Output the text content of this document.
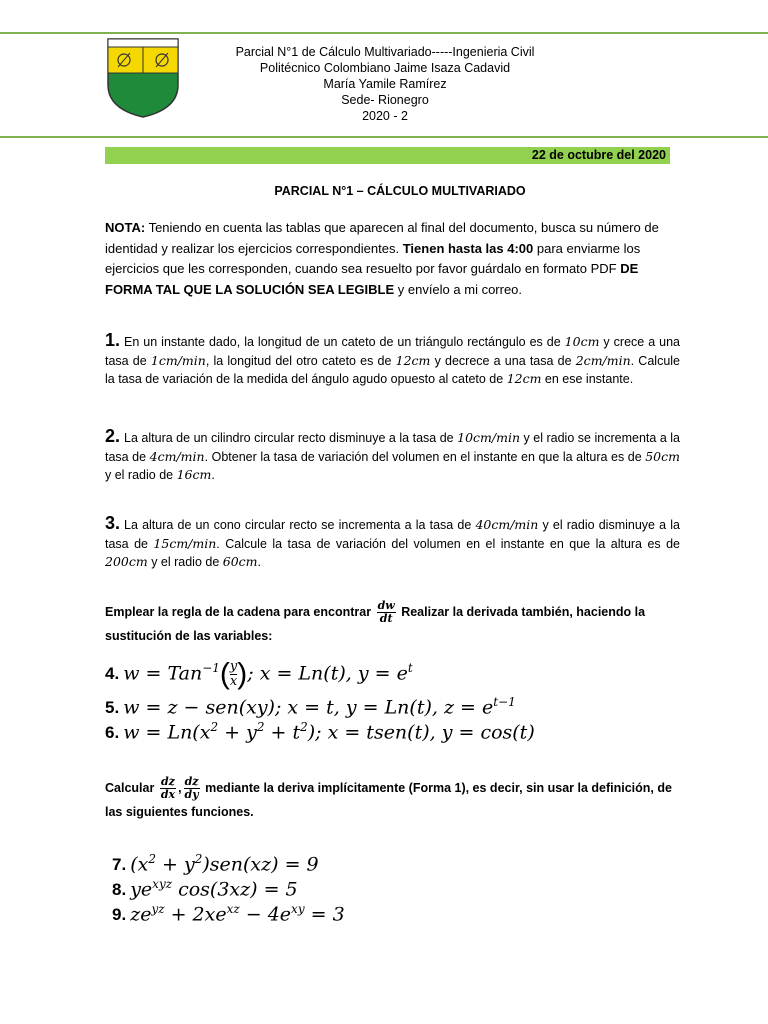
Parcial N°1 de Cálculo Multivariado-----Ingenieria Civil
Politécnico Colombiano Jaime Isaza Cadavid
María Yamile Ramírez
Sede- Rionegro
2020 - 2
22 de octubre del 2020
PARCIAL N°1 – CÁLCULO MULTIVARIADO
NOTA: Teniendo en cuenta las tablas que aparecen al final del documento, busca su número de identidad y realizar los ejercicios correspondientes. Tienen hasta las 4:00 para enviarme los ejercicios que les corresponden, cuando sea resuelto por favor guárdalo en formato PDF DE FORMA TAL QUE LA SOLUCIÓN SEA LEGIBLE y envíelo a mi correo.
1. En un instante dado, la longitud de un cateto de un triángulo rectángulo es de 10cm y crece a una tasa de 1cm/min, la longitud del otro cateto es de 12cm y decrece a una tasa de 2cm/min. Calcule la tasa de variación de la medida del ángulo agudo opuesto al cateto de 12cm en ese instante.
2. La altura de un cilindro circular recto disminuye a la tasa de 10cm/min y el radio se incrementa a la tasa de 4cm/min. Obtener la tasa de variación del volumen en el instante en que la altura es de 50cm y el radio de 16cm.
3. La altura de un cono circular recto se incrementa a la tasa de 40cm/min y el radio disminuye a la tasa de 15cm/min. Calcule la tasa de variación del volumen en el instante en que la altura es de 200cm y el radio de 60cm.
Emplear la regla de la cadena para encontrar $\frac{dw}{dt}$ Realizar la derivada también, haciendo la sustitución de las variables:
4. $w = Tan^{-1}( \frac{y}{x}$ ); x = Ln(t), $y = e^t$
5. w = z − sen(xy); x = t, y = Ln(t), $z = e^{t-1}$
6. $w = Ln(x^2 + y^2 + t^2)$; x = tsen(t), y = cos(t)
Calcular $\frac{dz}{dx}$ , $\frac{dz}{dy}$ mediante la deriva implícitamente (Forma 1), es decir, sin usar la definición, de las siguientes funciones.
7. $(x^2 + y^2)sen(xz) = 9$
8. $ye^{xyz}$ cos(3xz) = 5
9. $ze^{yz} + 2xe^{xz} - 4e^{xy} = 3$
